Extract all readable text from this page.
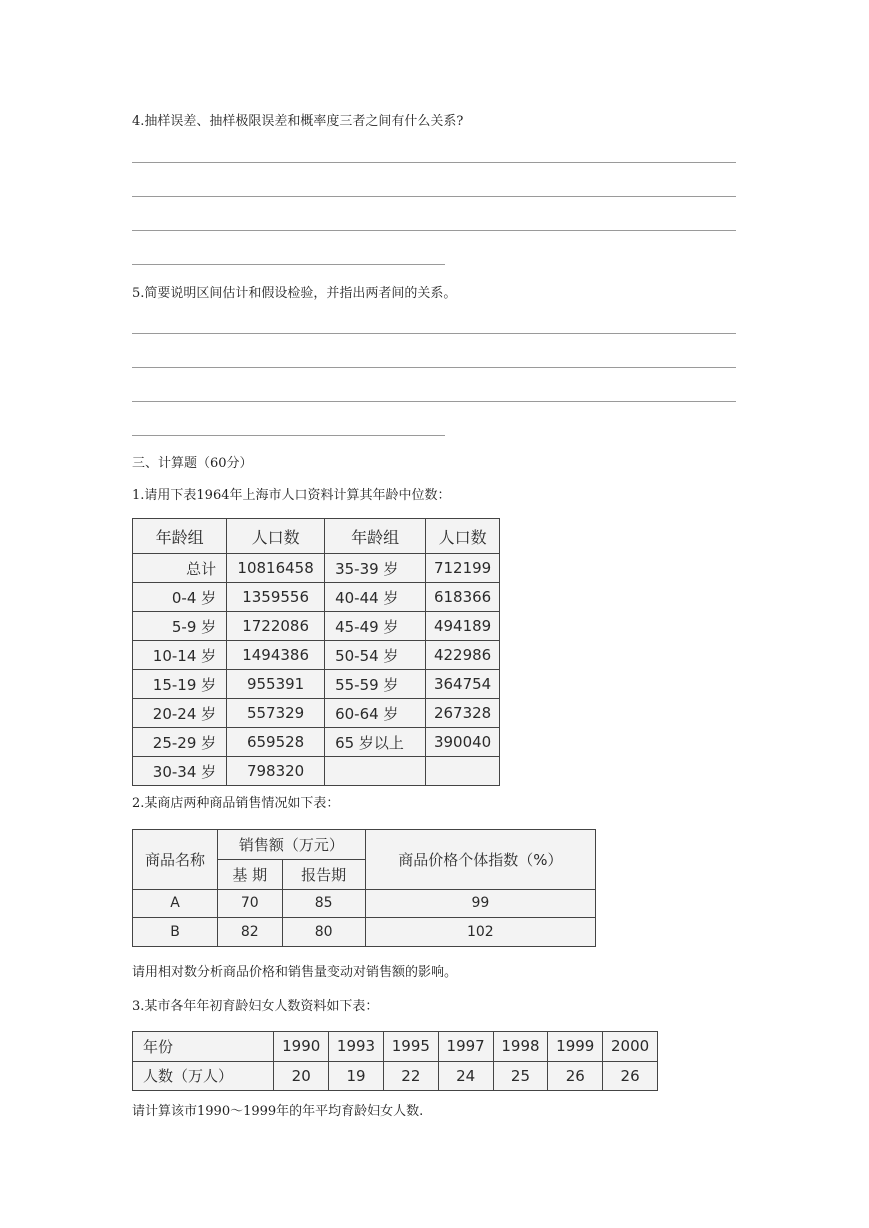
4.抽样误差、抽样极限误差和概率度三者之间有什么关系?
5.简要说明区间估计和假设检验，并指出两者间的关系。
三、计算题（60分）
1.请用下表1964年上海市人口资料计算其年龄中位数：
年龄组	人口数	年龄组	人口数
总计	10816458	35-39 岁	712199
0-4 岁	1359556	40-44 岁	618366
5-9 岁	1722086	45-49 岁	494189
10-14 岁	1494386	50-54 岁	422986
15-19 岁	955391	55-59 岁	364754
20-24 岁	557329	60-64 岁	267328
25-29 岁	659528	65 岁以上	390040
30-34 岁	798320		
2.某商店两种商品销售情况如下表：
商品名称	销售额（万元）		商品价格个体指数（%）
	基 期	报告期	
A	70	85	99
B	82	80	102
请用相对数分析商品价格和销售量变动对销售额的影响。
3.某市各年年初育龄妇女人数资料如下表：
年份	1990	1993	1995	1997	1998	1999	2000
人数（万人）	20	19	22	24	25	26	26
请计算该市1990～1999年的年平均育龄妇女人数.
